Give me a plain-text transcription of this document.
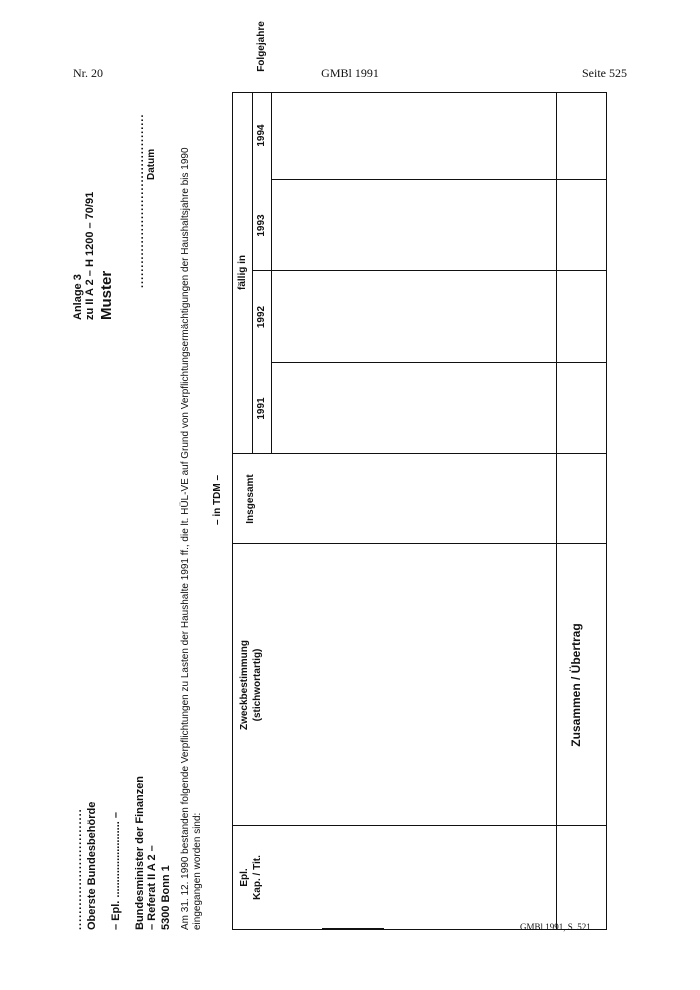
Nr. 20	GMBl 1991	Seite 525
.............................. Oberste Bundesbehörde – Epl. ......................... – Bundesminister der Finanzen – Referat II A 2 – 5300 Bonn 1
Anlage 3 zu II A 2 – H 1200 – 70/91 Muster
........................................... Datum Am 31. 12. 1990 bestanden folgende Verpflichtungen zu Lasten der Haushalte 1991 ff., die lt. HÜL-VE auf Grund von Verpflichtungsermächtigungen der Haushaltsjahre bis 1990 eingegangen worden sind:
– in TDM –
Epl. Kap. / Tit.
Zweckbestimmung (stichwortartig)
Insgesamt
fällig in
1991
1992
1993
1994
Folgejahre
Zusammen / Übertrag
GMBl 1991, S. 521
